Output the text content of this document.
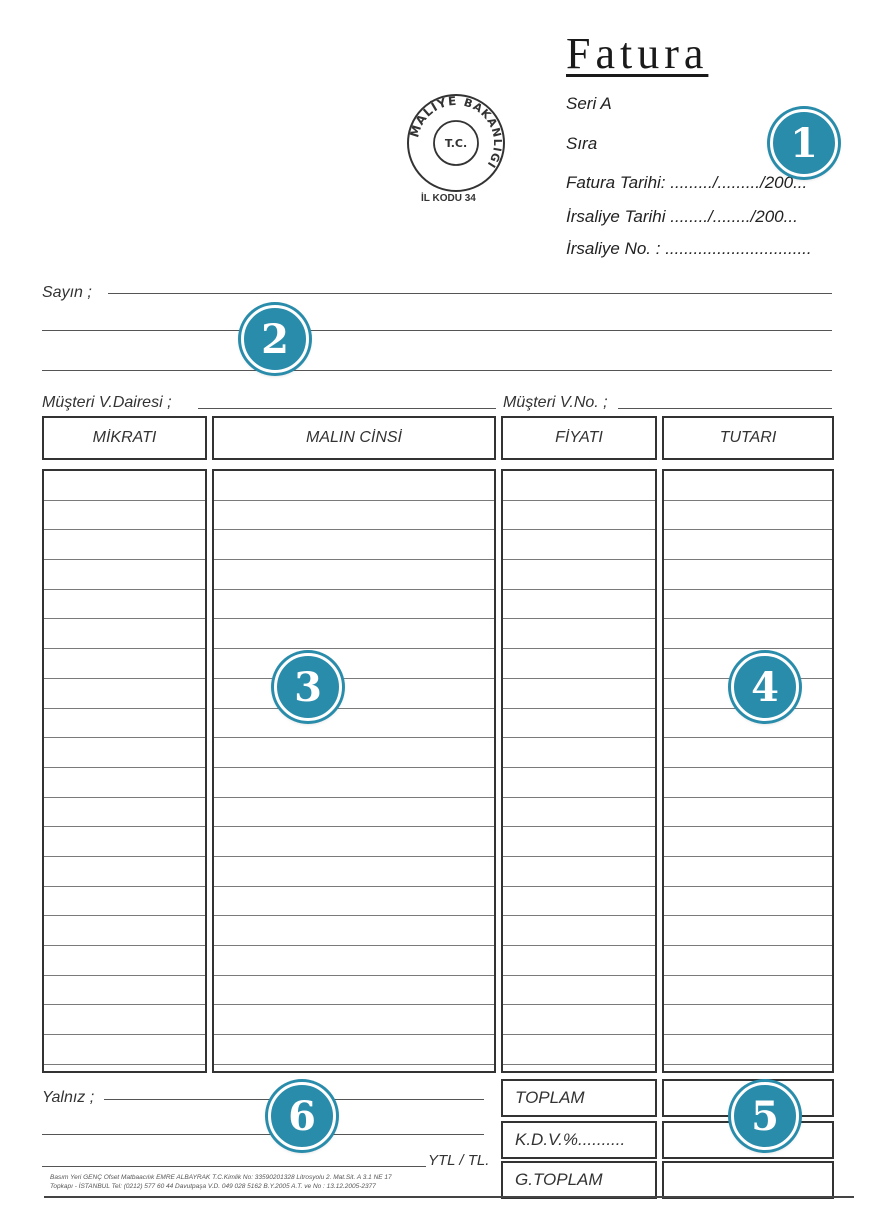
Fatura
Seri A
Sıra
Fatura Tarihi: ........./........./200...
İrsaliye Tarihi ......../......../200...
İrsaliye No. : ...............................
MALİYE BAKANLIĞI
T.C.
İL KODU 34
Sayın ;
Müşteri V.Dairesi ;	Müşteri V.No. ;
MİKRATI	MALIN CİNSİ	FİYATI	TUTARI
Yalnız ;
YTL / TL.
TOPLAM
K.D.V.%..........
G.TOPLAM
Basım Yeri GENÇ Ofset Matbaacılık EMRE ALBAYRAK T.C.Kimlik No: 33590201328 Litrosyolu 2. Mat.Sit. A 3.1 NE 17
Topkapı - İSTANBUL Tel: (0212) 577 60 44 Davutpaşa V.D. 049 028 5162 B.Y.2005 A.T. ve No : 13.12.2005-2377
1
2
3	4
5
6
